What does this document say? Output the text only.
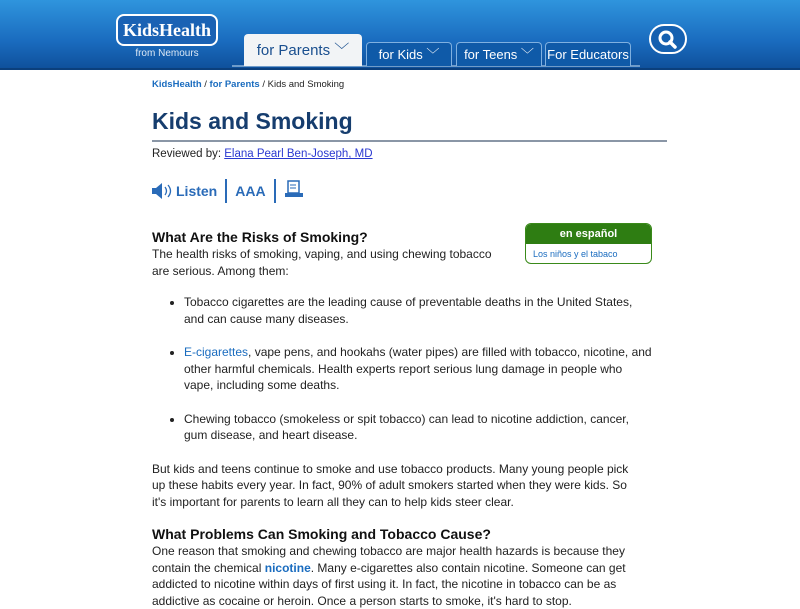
KidsHealth
from Nemours	for Parents ﹀	for Kids ﹀	for Teens ﹀	For Educators
KidsHealth / for Parents / Kids and Smoking
Kids and Smoking
Reviewed by: Elana Pearl Ben-Joseph, MD
Listen AAA
en español
Los niños y el tabaco
What Are the Risks of Smoking?

The health risks of smoking, vaping, and using chewing tobacco are serious. Among them:

• Tobacco cigarettes are the leading cause of preventable deaths in the United States, and can cause many diseases.
• E-cigarettes, vape pens, and hookahs (water pipes) are filled with tobacco, nicotine, and other harmful chemicals. Health experts report serious lung damage in people who vape, including some deaths.
• Chewing tobacco (smokeless or spit tobacco) can lead to nicotine addiction, cancer, gum disease, and heart disease.

But kids and teens continue to smoke and use tobacco products. Many young people pick up these habits every year. In fact, 90% of adult smokers started when they were kids. So it's important for parents to learn all they can to help kids steer clear.

What Problems Can Smoking and Tobacco Cause?

One reason that smoking and chewing tobacco are major health hazards is because they contain the chemical nicotine. Many e-cigarettes also contain nicotine. Someone can get addicted to nicotine within days of first using it. In fact, the nicotine in tobacco can be as addictive as cocaine or heroin. Once a person starts to smoke, it's hard to stop.
